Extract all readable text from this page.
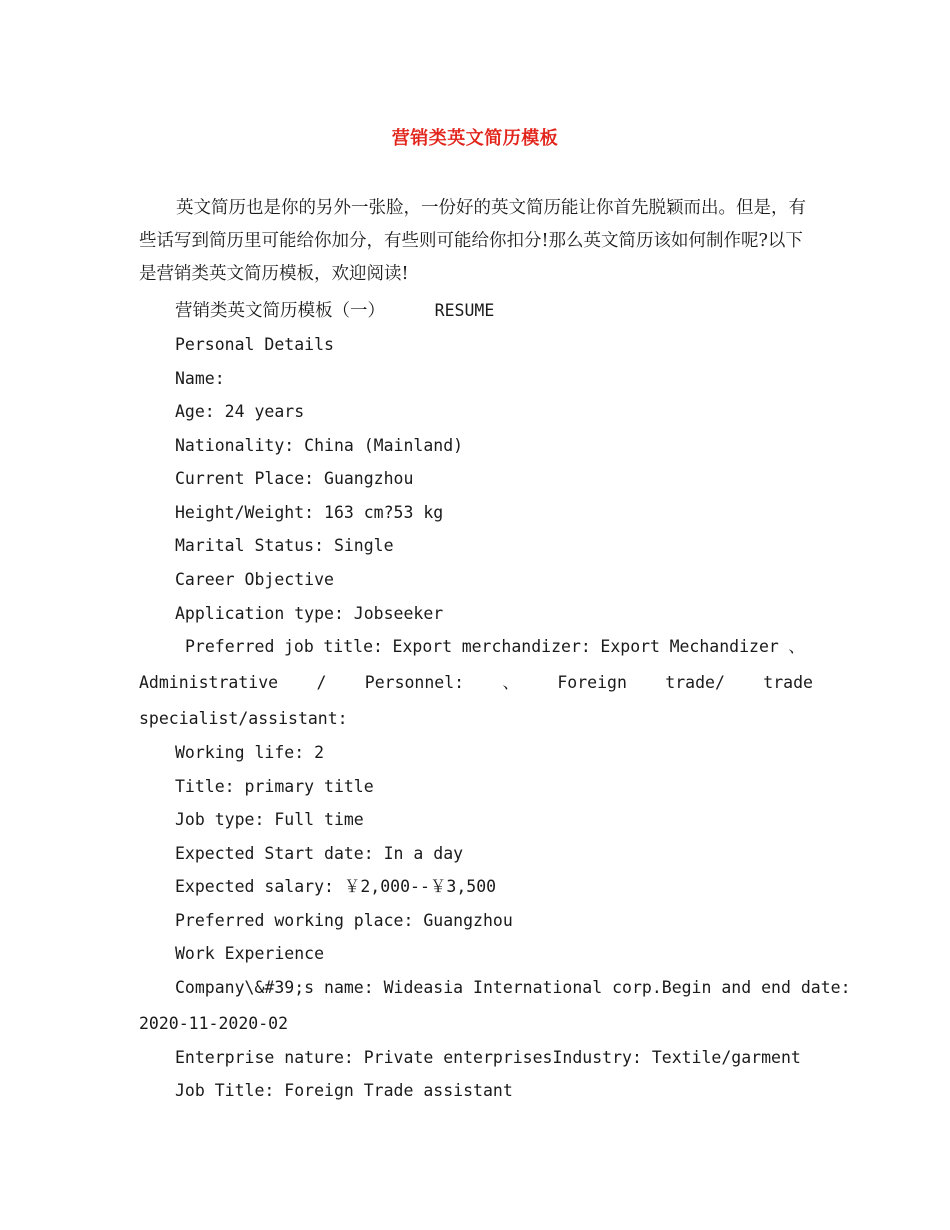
营销类英文简历模板

英文简历也是你的另外一张脸，一份好的英文简历能让你首先脱颖而出。但是，有些话写到简历里可能给你加分，有些则可能给你扣分!那么英文简历该如何制作呢?以下是营销类英文简历模板，欢迎阅读!

营销类英文简历模板（一）	RESUME
Personal Details
Name:
Age: 24 years
Nationality: China (Mainland)
Current Place: Guangzhou
Height/Weight: 163 cm?53 kg
Marital Status: Single
Career Objective
Application type: Jobseeker
Preferred job title: Export merchandizer: Export Mechandizer 、
Administrative / Personnel: 、 Foreign trade/ trade
specialist/assistant:
Working life: 2
Title: primary title
Job type: Full time
Expected Start date: In a day
Expected salary: ￥2,000--￥3,500
Preferred working place: Guangzhou
Work Experience
Company\&#39;s name: Wideasia International corp.Begin and end date:
2020-11-2020-02
Enterprise nature: Private enterprisesIndustry: Textile/garment
Job Title: Foreign Trade assistant
